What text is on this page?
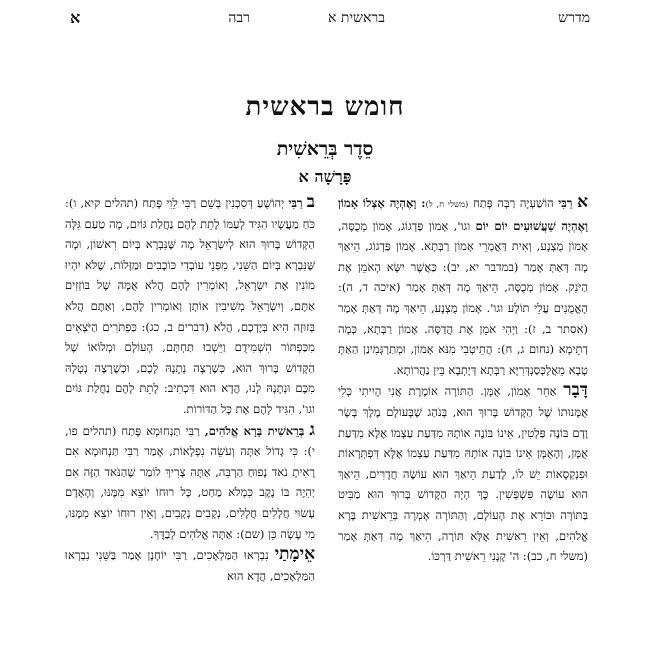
מדרש
בראשית א
רבה
א
חומש בראשית
סֵדֶר בְּרֵאשִׁית
פָּרָשָׁה א

א רַבִּי הוֹשַׁעְיָה רַבָּה פָּתַח (משלי ח, ל): וָאֶהְיֶה אֶצְלוֹ אָמוֹן וָאֶהְיֶה שַׁעֲשׁוּעִים יוֹם יוֹם וגו', אָמוֹן פַּדְגוֹג, אָמוֹן מְכֻסֶּה, אָמוֹן מֻצְנָע, וְאִית דַּאֲמְרֵי אָמוֹן רַבְּתָא. אָמוֹן פַּדְגוֹג, הֵיאַךְ מָה דְּאַתְּ אָמַר (במדבר יא, יב): כַּאֲשֶׁר יִשָּׂא הָאֹמֵן אֶת הַיֹּנֵק. אָמוֹן מְכֻסֶּה, הֵיאַךְ מָה דְּאַתְּ אָמַר (איכה ד, ה): הָאֱמֻנִים עֲלֵי תוֹלָע וגו'. אָמוֹן מֻצְנָע, הֵיאַךְ מָה דְּאַתְּ אָמַר (אסתר ב, ז): וַיְהִי אֹמֵן אֶת הֲדַסָּה. אָמוֹן רַבְּתָא, כְּמָה דְתֵימָא (נחום ג, ח): הֲתֵיטְבִי מִנֹּא אָמוֹן, וּמְתַרְגְּמִינַן הַאַתְּ טָבָא מֵאֲלֶכְּסַנְדְּרִיָּא רַבְּתָא דְּיָתְבָא בֵּין נַהֲרוֹתָא.

דָּבָר אַחֵר אָמוֹן, אֻמָּן. הַתּוֹרָה אוֹמֶרֶת אֲנִי הָיִיתִי כְּלִי אֻמָּנוּתוֹ שֶׁל הַקָּדוֹשׁ בָּרוּךְ הוּא, בְּנֹהַג שֶׁבָּעוֹלָם מֶלֶךְ בָּשָׂר וָדָם בּוֹנֶה פַּלְטִין, אֵינוֹ בּוֹנֶה אוֹתָהּ מִדַּעַת עַצְמוֹ אֶלָּא מִדַּעַת אֻמָּן, וְהָאֻמָּן אֵינוֹ בּוֹנֶה אוֹתָהּ מִדַּעַת עַצְמוֹ אֶלָּא דִּפְתְּרָאוֹת וּפִנְקְסָאוֹת יֵשׁ לוֹ, לָדַעַת הֵיאַךְ הוּא עוֹשֶׂה חֲדָרִים, הֵיאַךְ הוּא עוֹשֶׂה פִּשְׁפְּשִׁין. כָּךְ הָיָה הַקָּדוֹשׁ בָּרוּךְ הוּא מַבִּיט בַּתּוֹרָה וּבוֹרֵא אֶת הָעוֹלָם, וְהַתּוֹרָה אָמְרָה בְּרֵאשִׁית בָּרָא אֱלֹהִים, וְאֵין רֵאשִׁית אֶלָּא תּוֹרָה, הֵיאַךְ מָה דְּאַתְּ אָמַר (משלי ח, כב): ה' קָנָנִי רֵאשִׁית דַּרְכּוֹ.

ב רַבִּי יְהוֹשֻׁעַ דְּסִכְנִין בְּשֵׁם רַבִּי לֵוִי פָּתַח (תהלים קיא, ו): כֹּחַ מַעֲשָׂיו הִגִּיד לְעַמּוֹ לָתֵת לָהֶם נַחֲלַת גּוֹיִם, מָה טַעַם גִּלָּה הַקָּדוֹשׁ בָּרוּךְ הוּא לְיִשְׂרָאֵל מָה שֶּׁנִּבְרָא בְּיוֹם רִאשׁוֹן, וּמָה שֶּׁנִּבְרָא בְּיוֹם הַשֵּׁנִי, מִפְּנֵי עוֹבְדֵי כּוֹכָבִים וּמַזָּלוֹת, שֶׁלֹּא יִהְיוּ מוֹנִין אֶת יִשְׂרָאֵל, וְאוֹמְרִין לָהֶם הֲלֹא אֻמָּה שֶׁל בּוֹזְזִים אַתֶּם, וְיִשְׂרָאֵל מְשִׁיבִין אוֹתָן וְאוֹמְרִין לָהֶם, וְאַתֶּם הֲלֹא בְּזוּזָה הִיא בְּיֶדְכֶם, הֲלֹא (דברים ב, כג): כַּפְתֹּרִים הַיֹּצְאִים מִכַּפְתּוֹר הִשְׁמִידֻם וַיֵּשְׁבוּ תַחְתָּם, הָעוֹלָם וּמְלוֹאוֹ שֶׁל הַקָּדוֹשׁ בָּרוּךְ הוּא, כְּשֶׁרָצָה נְתָנָהּ לָכֶם, וּכְשֶׁרָצָה נְטָלָהּ מִכֶּם וּנְתָנָהּ לָנוּ, הֲדָא הוּא דִּכְתִיב: לָתֵת לָהֶם נַחֲלַת גּוֹיִם וגו', הִגִּיד לָהֶם אֶת כָּל הַדּוֹרוֹת.

ג בְּרֵאשִׁית בָּרָא אֱלֹהִים, רַבִּי תַּנְחוּמָא פָּתַח (תהלים פו, י): כִּי גָדוֹל אַתָּה וְעֹשֵׂה נִפְלָאוֹת, אָמַר רַבִּי תַּנְחוּמָא אִם רָאִיתָ נֹאד נָפוּחַ הַרְבֵּה, אַתָּה צָרִיךְ לוֹמַר שֶׁהַנֹּאד הַזֶּה אִם יְהִיֶה בּוֹ נֶקֶב כִּמְלֹא מַחַט, כָּל רוּחוֹ יוֹצֵא מִמֶּנּוּ, וְהָאָדָם עָשׂוּי חֲלָלִים חֲלָלִים, נְקָבִים נְקָבִים, וְאֵין רוּחוֹ יוֹצֵא מִמֶּנּוּ, מִי עָשָׂה כֵּן (שם): אַתָּה אֱלֹהִים לְבַדֶּךָ.

אֵימָתַי נִבְרְאוּ הַמַּלְאָכִים, רַבִּי יוֹחָנָן אָמַר בַּשֵּׁנִי נִבְרְאוּ הַמַּלְאָכִים, הֲדָא הוּא
